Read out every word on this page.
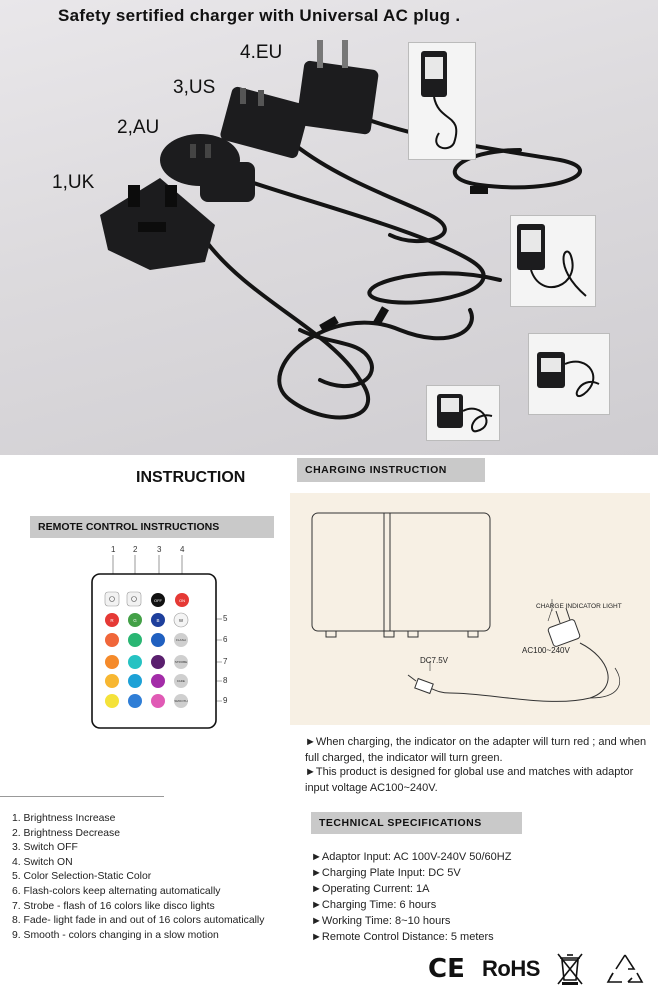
Safety sertified charger with Universal AC plug .
1,UK
2,AU
3,US
4.EU
INSTRUCTION
REMOTE CONTROL INSTRUCTIONS
1 2 3 4
5
6
7
8
9
OFF	ON
R	G	B	W
FLASH
STROBE
FADE
SMOOTH
1. Brightness Increase
2. Brightness Decrease
3. Switch OFF
4. Switch ON
5. Color Selection-Static Color
6. Flash-colors keep alternating automatically
7. Strobe - flash of 16 colors like disco lights
8. Fade- light fade in and out of 16 colors automatically
9. Smooth - colors changing in a slow motion
CHARGING INSTRUCTION
CHARGE INDICATOR LIGHT
AC100~240V
DC7.5V
►When charging, the indicator on the adapter will turn red ; and when full charged, the indicator will turn green.
►This product is designed for global use and matches with adaptor input voltage AC100~240V.
TECHNICAL SPECIFICATIONS
►Adaptor Input: AC 100V-240V 50/60HZ
►Charging Plate Input: DC 5V
►Operating Current: 1A
►Charging Time: 6 hours
►Working Time: 8~10 hours
►Remote Control Distance: 5 meters
CE RoHS
